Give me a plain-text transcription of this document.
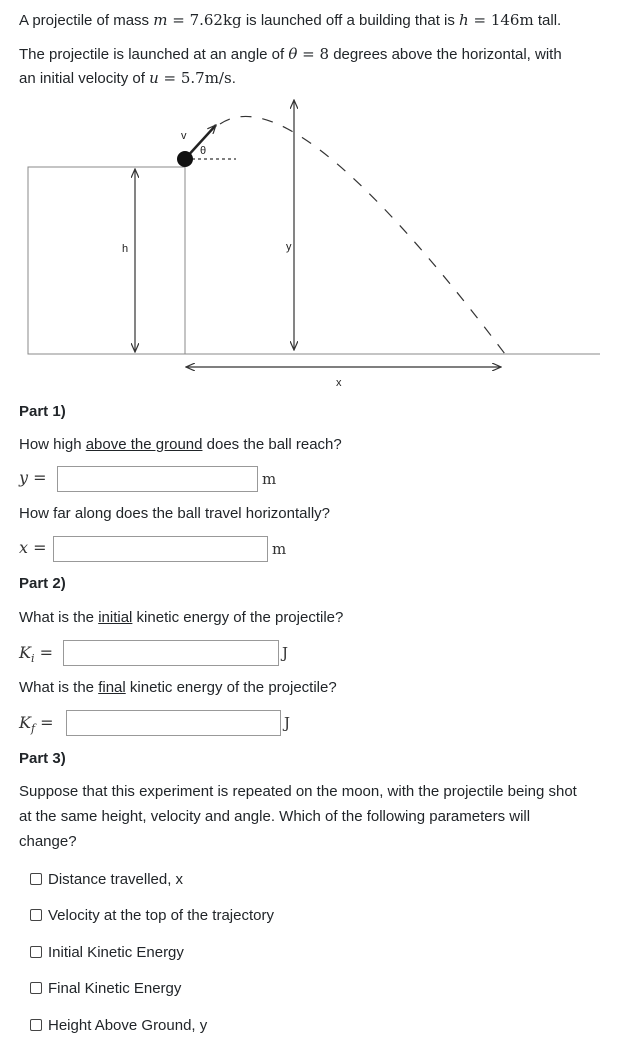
A projectile of mass m = 7.62kg is launched off a building that is h = 146m tall.

The projectile is launched at an angle of θ = 8 degrees above the horizontal, with

an initial velocity of u = 5.7m/s.

h	y
x
v
θ

Part 1)

How high above the ground does the ball reach?

y =	m

How far along does the ball travel horizontally?

x =	m

Part 2)

What is the initial kinetic energy of the projectile?

$K_i$ =	J

What is the final kinetic energy of the projectile?

$K_f$ =	J

Part 3)

Suppose that this experiment is repeated on the moon, with the projectile being shot

at the same height, velocity and angle. Which of the following parameters will

change?

Distance travelled, x
Velocity at the top of the trajectory
Initial Kinetic Energy
Final Kinetic Energy
Height Above Ground, y
